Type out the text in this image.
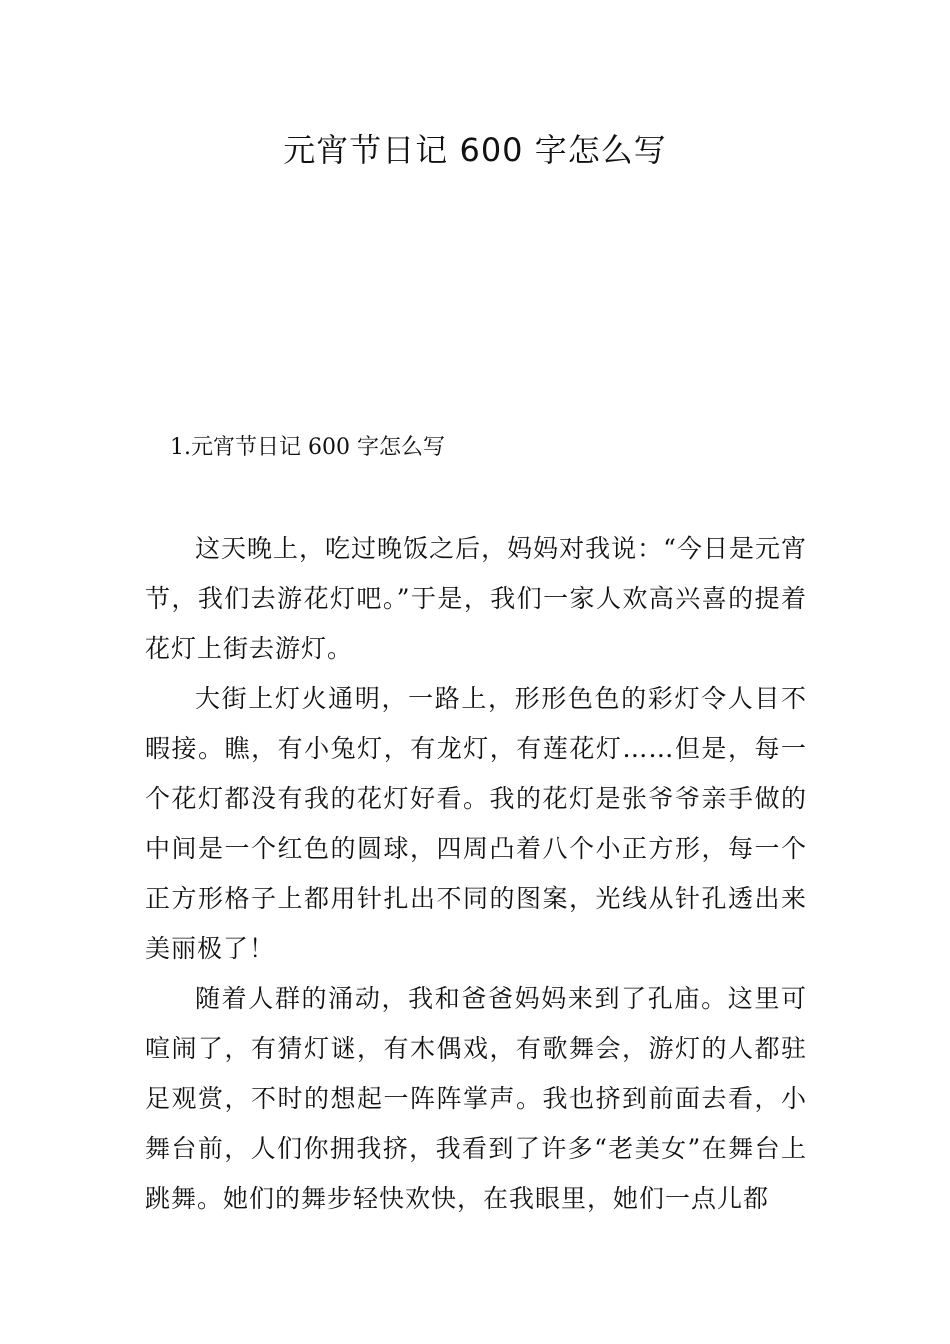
元宵节日记 600 字怎么写
1.元宵节日记 600 字怎么写

这天晚上，吃过晚饭之后，妈妈对我说：“今日是元宵节，我们去游花灯吧。”于是，我们一家人欢高兴喜的提着花灯上街去游灯。

大街上灯火通明，一路上，形形色色的彩灯令人目不暇接。瞧，有小兔灯，有龙灯，有莲花灯……但是，每一个花灯都没有我的花灯好看。我的花灯是张爷爷亲手做的中间是一个红色的圆球，四周凸着八个小正方形，每一个正方形格子上都用针扎出不同的图案，光线从针孔透出来美丽极了！

随着人群的涌动，我和爸爸妈妈来到了孔庙。这里可喧闹了，有猜灯谜，有木偶戏，有歌舞会，游灯的人都驻足观赏，不时的想起一阵阵掌声。我也挤到前面去看，小舞台前，人们你拥我挤，我看到了许多“老美女”在舞台上跳舞。她们的舞步轻快欢快，在我眼里，她们一点儿都
